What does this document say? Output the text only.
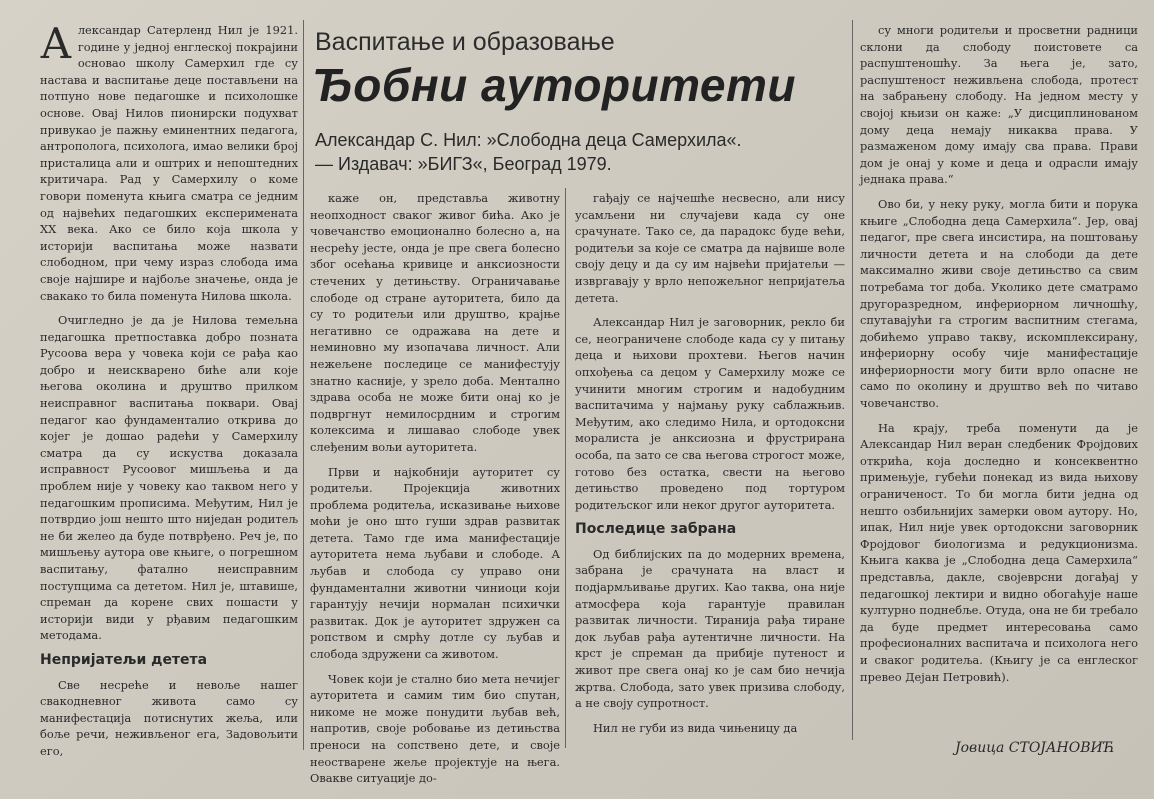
Васпитање и образовање
Ђобни ауторитети
Александар С. Нил: »Слободна деца Самерхила«.
— Издавач: »БИГЗ«, Београд 1979.

Александар Сатерленд Нил је 1921. године у једној енглеској покрајини основао школу Самерхил где су настава и васпитање деце постављени на потпуно нове педагошке и психолошке основе. Овај Нилов пионирски подухват привукао је пажњу еминентних педагога, антрополога, психолога, имао велики број присталица али и оштрих и непоштедних критичара. Рад у Самерхилу о коме говори поменута књига сматра се једним од највећих педагошких експеримената XX века. Ако се било која школа у историји васпитања може назвати слободном, при чему израз слобода има своје најшире и најбоље значење, онда је свакако то била поменута Нилова школа.

Очигледно је да је Нилова темељна педагошка претпоставка добро позната Русоова вера у човека који се рађа као добро и неискварено биће али које његова околина и друштво прилком неисправног васпитања поквари. Овај педагог као фундаменталио открива до којег је дошао радећи у Самерхилу сматра да су искуства доказала исправност Русоовог мишљења и да проблем није у човеку као таквом него у педагошким прописима. Међутим, Нил је потврдио још нешто што ниједан родитељ не би желео да буде потврђено. Реч је, по мишљењу аутора ове књиге, о погрешном васпитању, фатално неисправним поступцима са дететом. Нил је, штавише, спреман да корене свих пошасти у историји види у рђавим педагошким методама.

Непријатељи детета

Све несреће и невоље нашег свакодневног живота само су манифестација потиснутих жеља, или боље речи, неживљеног ега, Задовољити его,

каже он, представља животну неопходност сваког живог бића. Ако је човечанство емоционално болесно а, на несрећу јесте, онда је пре свега болесно због осећања кривице и анксиозности стечених у детињству. Ограничавање слободе од стране ауторитета, било да су то родитељи или друштво, крајње негативно се одражава на дете и неминовно му изопачава личност. Али нежељене последице се манифестују знатно касније, у зрело доба. Ментално здрава особа не може бити онај ко је подвргнут немилосрдним и строгим колексима и лишавао слободе увек слеђеним вољи ауторитета.

Први и најкобнији ауторитет су родитељи. Пројекција животних проблема родитеља, исказивање њихове моћи је оно што гуши здрав развитак детета. Тамо где има манифестације ауторитета нема љубави и слободе. А љубав и слобода су управо они фундаментални животни чиниоци који гарантују нечији нормалан психички развитак. Док је ауторитет здружен са ропством и смрћу дотле су љубав и слобода здружени са животом.

Човек који је стално био мета нечијег ауторитета и самим тим био спутан, никоме не може понудити љубав већ, напротив, своје робовање из детињства преноси на сопствено дете, и своје неостварене жеље пројектује на њега. Овакве ситуације до-

гађају се најчешће несвесно, али нису усамљени ни случајеви када су оне срачунате. Тако се, да парадокс буде већи, родитељи за које се сматра да највише воле своју децу и да су им највећи пријатељи — извргавају у врло непожељног непријатеља детета.

Александар Нил је заговорник, рекло би се, неограничене слободе када су у питању деца и њихови прохтеви. Његов начин опхођења са децом у Самерхилу може се учинити многим строгим и надобудним васпитачима у најмању руку саблажњив. Међутим, ако следимо Нила, и ортодоксни моралиста је анксиозна и фрустрирана особа, па зато се сва његова строгост може, готово без остатка, свести на његово детињство проведено под тортуром родитељског или неког другог ауторитета.

Последице забрана

Од библијских па до модерних времена, забрана је срачуната на власт и подјармљивање других. Као таква, она није атмосфера која гарантује правилан развитак личности. Тиранија рађа тиране док љубав рађа аутентичне личности. На крст је спреман да прибије путеност и живот пре свега онај ко је сам био нечија жртва. Слобода, зато увек призива слободу, а не своју супротност.

Нил не губи из вида чињеницу да

су многи родитељи и просветни радници склони да слободу поистовете са распуштеношћу. За њега је, зато, распуштеност неживљена слобода, протест на забрањену слободу. На једном месту у својој књизи он каже: „У дисциплинованом дому деца немају никаква права. У размаженом дому имају сва права. Прави дом је онај у коме и деца и одрасли имају једнака права.“

Ово би, у неку руку, могла бити и порука књиге „Слободна деца Самерхила“. Јер, овај педагог, пре свега инсистира, на поштовању личности детета и на слободи да дете максимално живи своје детињство са свим потребама тог доба. Уколико дете сматрамо другоразредном, инфериорном личношћу, спутавајући га строгим васпитним стегама, добићемо управо такву, искомплексирану, инфериорну особу чије манифестације инфериорности могу бити врло опасне не само по околину и друштво већ по читаво човечанство.

На крају, треба поменути да је Александар Нил веран следбеник Фројдових открића, која доследно и консеквентно примењује, губећи понекад из вида њихову ограниченост. То би могла бити једна од нешто озбиљнијих замерки овом аутору. Но, ипак, Нил није увек ортодоксни заговорник Фројдовог биологизма и редукционизма. Књига каква је „Слободна деца Самерхила“ представља, дакле, својеврсни догађај у педагошкој лектири и видно обогаћује наше културно поднебље. Отуда, она не би требало да буде предмет интересовања само професионалних васпитача и психолога него и сваког родитеља. (Књигу је са енглеског превео Дејан Петровић).

Јовица СТОЈАНОВИЋ
